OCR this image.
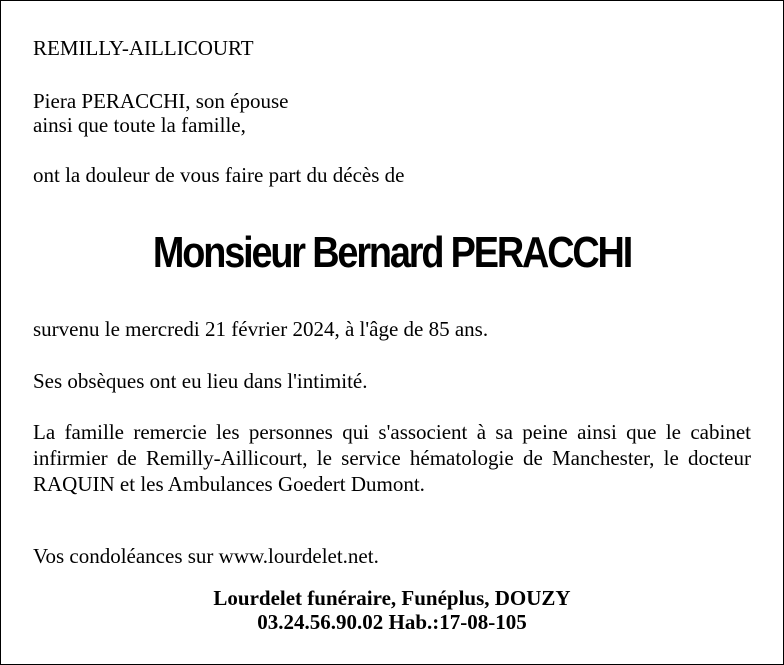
REMILLY-AILLICOURT

Piera PERACCHI, son épouse
ainsi que toute la famille,

ont la douleur de vous faire part du décès de

Monsieur Bernard PERACCHI

survenu le mercredi 21 février 2024, à l'âge de 85 ans.

Ses obsèques ont eu lieu dans l'intimité.

La famille remercie les personnes qui s'associent à sa peine ainsi que le cabinet infirmier de Remilly-Aillicourt, le service hématologie de Manchester, le docteur RAQUIN et les Ambulances Goedert Dumont.

Vos condoléances sur www.lourdelet.net.

Lourdelet funéraire, Funéplus, DOUZY
03.24.56.90.02 Hab.:17-08-105
